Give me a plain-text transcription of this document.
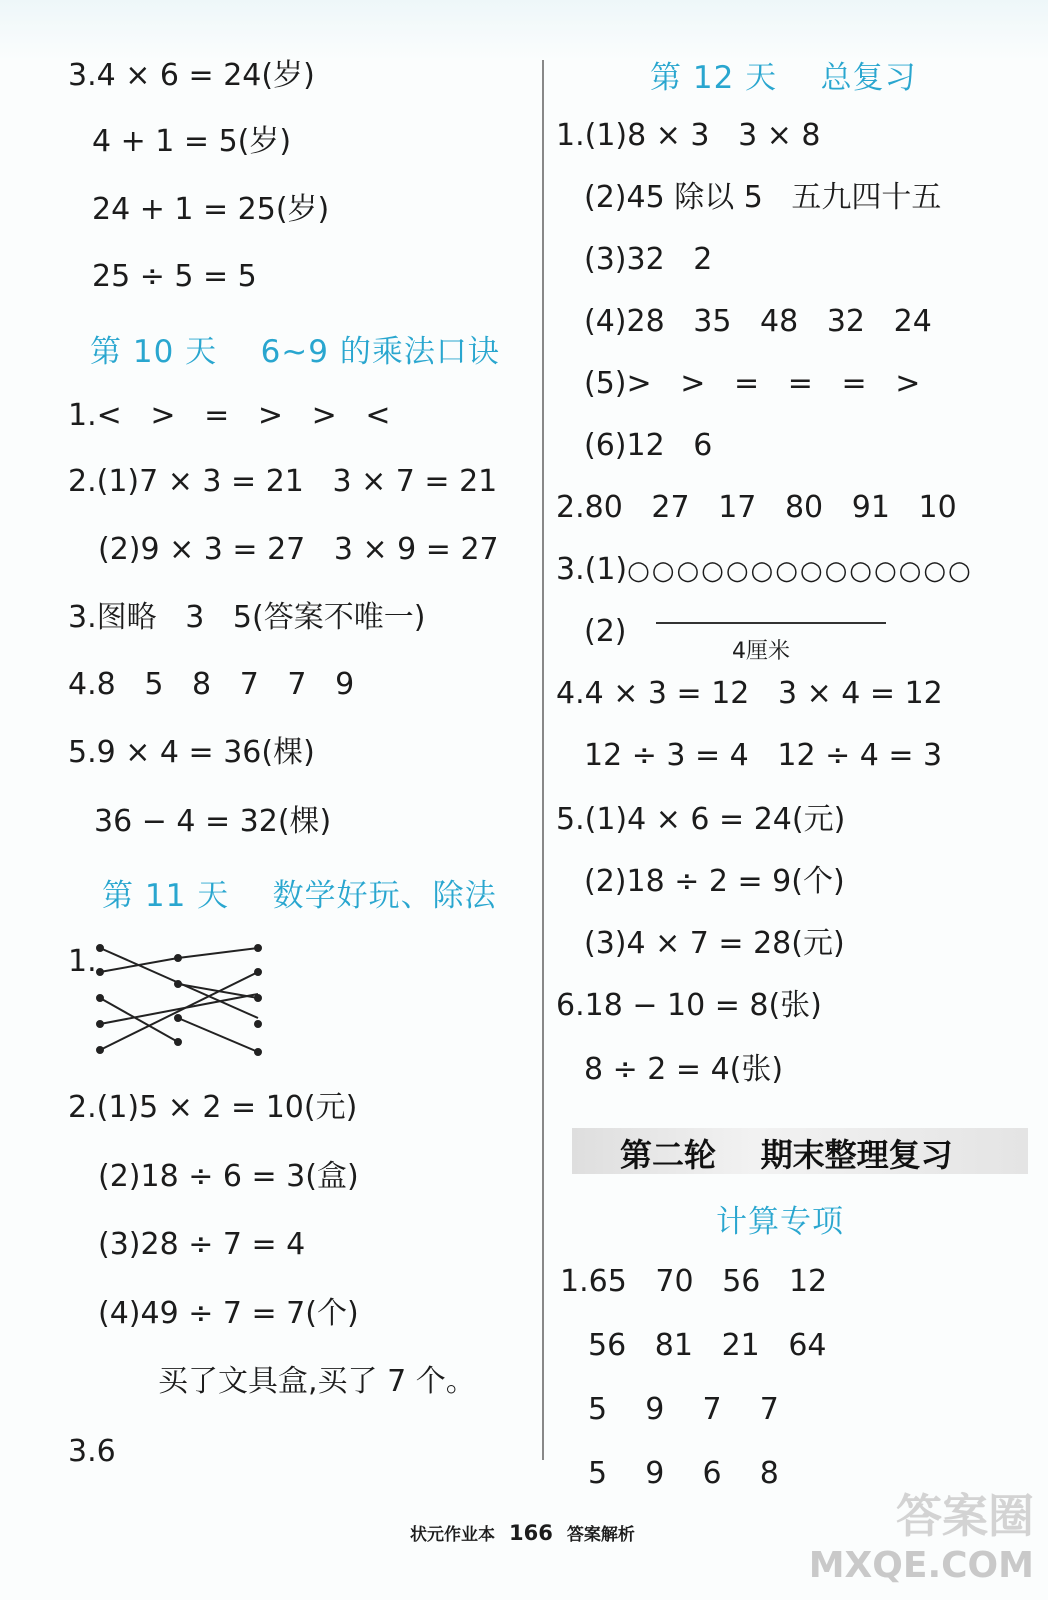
3.4 × 6 = 24(岁)
4 + 1 = 5(岁)
24 + 1 = 25(岁)
25 ÷ 5 = 5
第 10 天    6~9 的乘法口诀
1.<   >   =   >   >   <
2.(1)7 × 3 = 21   3 × 7 = 21
(2)9 × 3 = 27   3 × 9 = 27
3.图略   3   5(答案不唯一)
4.8   5   8   7   7   9
5.9 × 4 = 36(棵)
36 − 4 = 32(棵)
第 11 天    数学好玩、除法
1.
2.(1)5 × 2 = 10(元)
(2)18 ÷ 6 = 3(盒)
(3)28 ÷ 7 = 4
(4)49 ÷ 7 = 7(个)
买了文具盒,买了 7 个。
3.6
第 12 天    总复习
1.(1)8 × 3   3 × 8
(2)45 除以 5   五九四十五
(3)32   2
(4)28   35   48   32   24
(5)>   >   =   =   =   >
(6)12   6
2.80   27   17   80   91   10
3.(1)○○○○○○○○○○○○○○
(2)
4厘米
4.4 × 3 = 12   3 × 4 = 12
12 ÷ 3 = 4   12 ÷ 4 = 3
5.(1)4 × 6 = 24(元)
(2)18 ÷ 2 = 9(个)
(3)4 × 7 = 28(元)
6.18 − 10 = 8(张)
8 ÷ 2 = 4(张)
第二轮    期末整理复习
计算专项
1.65   70   56   12
56   81   21   64
5    9    7    7
5    9    6    8
状元作业本 166 答案解析	答案圈
MXQE.COM
